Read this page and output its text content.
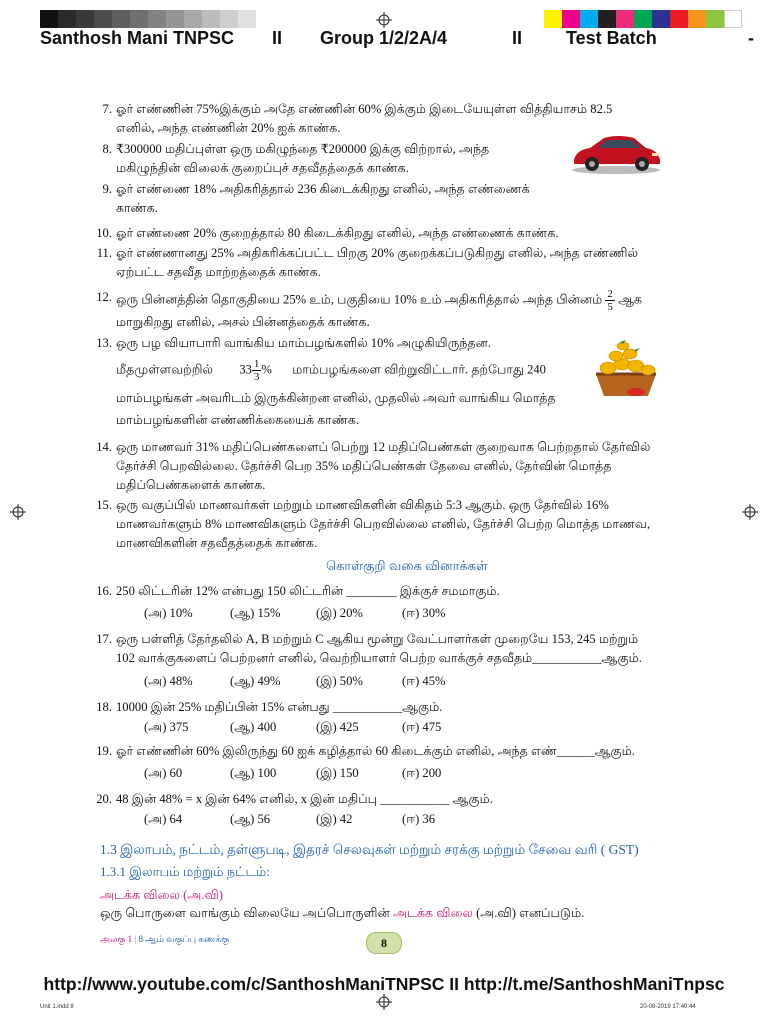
Santhosh Mani TNPSC II Group 1/2/2A/4	II Test Batch	-
7. ஓர் எண்ணின் 75%இக்கும் அதே எண்ணின் 60% இக்கும் இடையேயுள்ள வித்தியாசம் 82.5
எனில், அந்த எண்ணின் 20% ஐக் காண்க.
8. ₹300000 மதிப்புள்ள ஒரு மகிழுந்தை ₹200000 இக்கு விற்றால், அந்த
மகிழுந்தின் விலைக் குறைப்புச் சதவீதத்தைக் காண்க.
9. ஓர் எண்ணை 18% அதிகரித்தால் 236 கிடைக்கிறது எனில், அந்த எண்ணைக்
காண்க.
10. ஓர் எண்ணை 20% குறைத்தால் 80 கிடைக்கிறது எனில், அந்த எண்ணைக் காண்க.
11. ஓர் எண்ணானது 25% அதிகரிக்கப்பட்ட பிறகு 20% குறைக்கப்படுகிறது எனில், அந்த எண்ணில்
ஏற்பட்ட சதவீத மாற்றத்தைக் காண்க.
12. ஒரு பின்னத்தின் தொகுதியை 25% உம், பகுதியை 10% உம் அதிகரித்தால் அந்த பின்னம் $\frac{2}{5}$ ஆக
மாறுகிறது எனில், அசல் பின்னத்தைக் காண்க.
13. ஒரு பழ வியாபாரி வாங்கிய மாம்பழங்களில் 10% அழுகியிருந்தன.
மீதமுள்ளவற்றில் $33 \frac{1}{3}$ % மாம்பழங்களை விற்றுவிட்டார். தற்போது 240
மாம்பழங்கள் அவரிடம் இருக்கின்றன எனில், முதலில் அவர் வாங்கிய மொத்த
மாம்பழங்களின் எண்ணிக்கையைக் காண்க.
14. ஒரு மாணவர் 31% மதிப்பெண்களைப் பெற்று 12 மதிப்பெண்கள் குறைவாக பெற்றதால் தேர்வில்
தேர்ச்சி பெறவில்லை. தேர்ச்சி பெற 35% மதிப்பெண்கள் தேவை எனில், தேர்வின் மொத்த
மதிப்பெண்களைக் காண்க.
15. ஒரு வகுப்பில் மாணவர்கள் மற்றும் மாணவிகளின் விகிதம் 5:3 ஆகும். ஒரு தேர்வில் 16%
மாணவர்களும் 8% மாணவிகளும் தேர்ச்சி பெறவில்லை எனில், தேர்ச்சி பெற்ற மொத்த மாணவ,
மாணவிகளின் சதவீதத்தைக் காண்க.
கொள்குறி வகை வினாக்கள்
16. 250 லிட்டரின் 12% என்பது 150 லிட்டரின் ________ இக்குச் சமமாகும்.
(அ) 10%	(ஆ) 15%	(இ) 20%	(ஈ) 30%
17. ஒரு பள்ளித் தேர்தலில் A, B மற்றும் C ஆகிய மூன்று வேட்பாளர்கள் முறையே 153, 245 மற்றும்
102 வாக்குகளைப் பெற்றனர் எனில், வெற்றியாளர் பெற்ற வாக்குச் சதவீதம்___________ஆகும்.
(அ) 48%	(ஆ) 49%	(இ) 50%	(ஈ) 45%
18. 10000 இன் 25% மதிப்பின் 15% என்பது ___________ஆகும்.
(அ) 375	(ஆ) 400	(இ) 425	(ஈ) 475
19. ஓர் எண்ணின் 60% இலிருந்து 60 ஐக் கழித்தால் 60 கிடைக்கும் எனில், அந்த எண்______ஆகும்.
(அ) 60	(ஆ) 100	(இ) 150	(ஈ) 200
20. 48 இன் 48% = x இன் 64% எனில், x இன் மதிப்பு ___________ ஆகும்.
(அ) 64	(ஆ) 56	(இ) 42	(ஈ) 36
1.3 இலாபம், நட்டம், தள்ளுபடி, இதரச் செலவுகள் மற்றும் சரக்கு மற்றும் சேவை வரி ( GST)
1.3.1 இலாபம் மற்றும் நட்டம்:
அடக்க விலை (அ.வி)
ஒரு பொருளை வாங்கும் விலையே அப்பொருளின் அடக்க விலை (அ.வி) எனப்படும்.
அலகு 1 | 8 ஆம் வகுப்பு கணக்கு	8
http://www.youtube.com/c/SanthoshManiTNPSC II http://t.me/SanthoshManiTnpsc
Unit 1.indd 8	20-08-2019 17:40:44
